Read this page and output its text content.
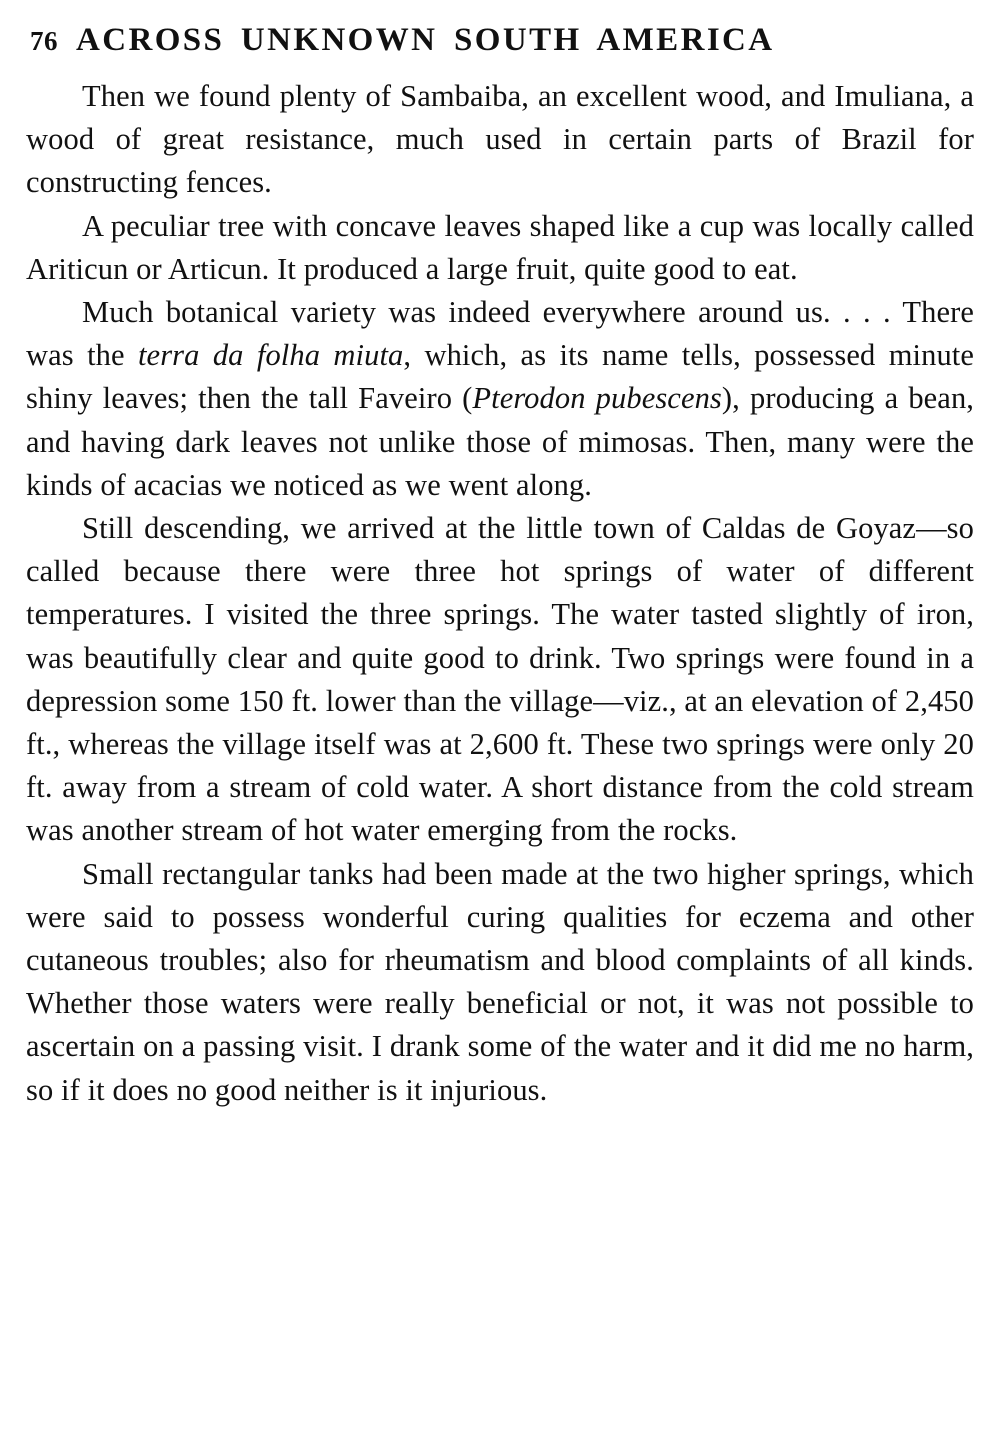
76 ACROSS UNKNOWN SOUTH AMERICA

Then we found plenty of Sambaiba, an excellent wood, and Imuliana, a wood of great resistance, much used in certain parts of Brazil for constructing fences.

A peculiar tree with concave leaves shaped like a cup was locally called Ariticun or Articun. It produced a large fruit, quite good to eat.

Much botanical variety was indeed everywhere around us. . . . There was the terra da folha miuta, which, as its name tells, possessed minute shiny leaves; then the tall Faveiro (Pterodon pubescens), producing a bean, and having dark leaves not unlike those of mimosas. Then, many were the kinds of acacias we noticed as we went along.

Still descending, we arrived at the little town of Caldas de Goyaz—so called because there were three hot springs of water of different temperatures. I visited the three springs. The water tasted slightly of iron, was beautifully clear and quite good to drink. Two springs were found in a depression some 150 ft. lower than the village—viz., at an elevation of 2,450 ft., whereas the village itself was at 2,600 ft. These two springs were only 20 ft. away from a stream of cold water. A short distance from the cold stream was another stream of hot water emerging from the rocks.

Small rectangular tanks had been made at the two higher springs, which were said to possess wonderful curing qualities for eczema and other cutaneous troubles; also for rheumatism and blood complaints of all kinds. Whether those waters were really beneficial or not, it was not possible to ascertain on a passing visit. I drank some of the water and it did me no harm, so if it does no good neither is it injurious.
